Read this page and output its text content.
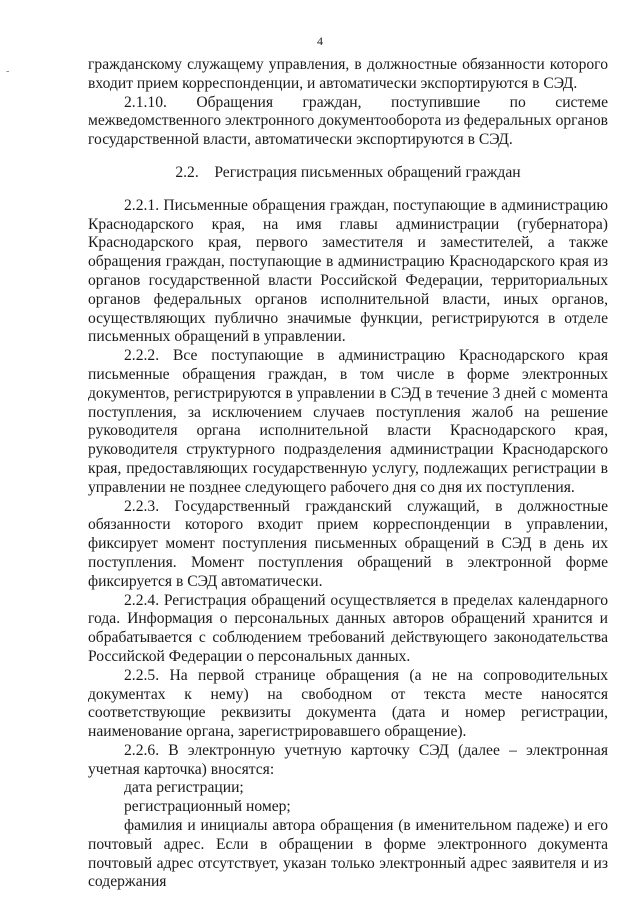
4
-	гражданскому служащему управления, в должностные обязанности которого входит прием корреспонденции, и автоматически экспортируются в СЭД.

2.1.10. Обращения граждан, поступившие по системе межведомственного электронного документооборота из федеральных органов государственной власти, автоматически экспортируются в СЭД.

2.2. Регистрация письменных обращений граждан

2.2.1. Письменные обращения граждан, поступающие в администрацию Краснодарского края, на имя главы администрации (губернатора) Краснодарского края, первого заместителя и заместителей, а также обращения граждан, поступающие в администрацию Краснодарского края из органов государственной власти Российской Федерации, территориальных органов федеральных органов исполнительной власти, иных органов, осуществляющих публично значимые функции, регистрируются в отделе письменных обращений в управлении.

2.2.2. Все поступающие в администрацию Краснодарского края письменные обращения граждан, в том числе в форме электронных документов, регистрируются в управлении в СЭД в течение 3 дней с момента поступления, за исключением случаев поступления жалоб на решение руководителя органа исполнительной власти Краснодарского края, руководителя структурного подразделения администрации Краснодарского края, предоставляющих государственную услугу, подлежащих регистрации в управлении не позднее следующего рабочего дня со дня их поступления.

2.2.3. Государственный гражданский служащий, в должностные обязанности которого входит прием корреспонденции в управлении, фиксирует момент поступления письменных обращений в СЭД в день их поступления. Момент поступления обращений в электронной форме фиксируется в СЭД автоматически.

2.2.4. Регистрация обращений осуществляется в пределах календарного года. Информация о персональных данных авторов обращений хранится и обрабатывается с соблюдением требований действующего законодательства Российской Федерации о персональных данных.

2.2.5. На первой странице обращения (а не на сопроводительных документах к нему) на свободном от текста месте наносятся соответствующие реквизиты документа (дата и номер регистрации, наименование органа, зарегистрировавшего обращение).

2.2.6. В электронную учетную карточку СЭД (далее – электронная учетная карточка) вносятся:

дата регистрации;

регистрационный номер;

фамилия и инициалы автора обращения (в именительном падеже) и его почтовый адрес. Если в обращении в форме электронного документа почтовый адрес отсутствует, указан только электронный адрес заявителя и из содержания
